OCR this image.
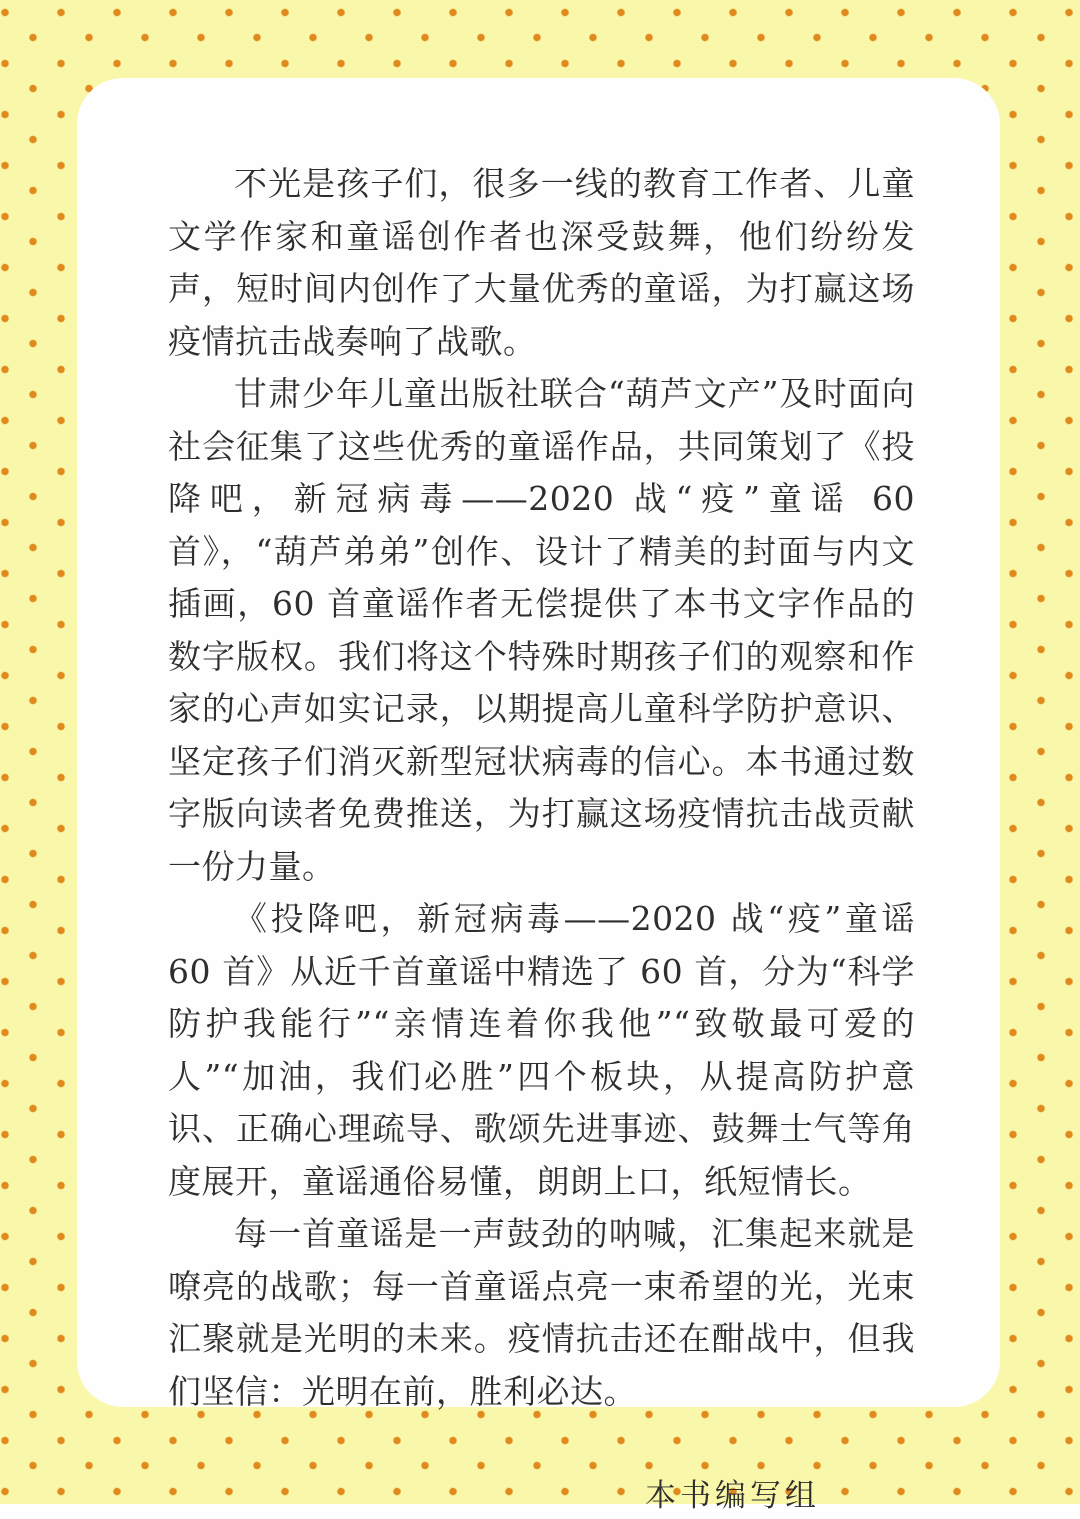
不光是孩子们，很多一线的教育工作者、儿童文学作家和童谣创作者也深受鼓舞，他们纷纷发声，短时间内创作了大量优秀的童谣，为打赢这场疫情抗击战奏响了战歌。

甘肃少年儿童出版社联合“葫芦文产”及时面向社会征集了这些优秀的童谣作品，共同策划了《投降吧，新冠病毒——2020 战“疫”童谣 60 首》，“葫芦弟弟”创作、设计了精美的封面与内文插画，60 首童谣作者无偿提供了本书文字作品的数字版权。我们将这个特殊时期孩子们的观察和作家的心声如实记录，以期提高儿童科学防护意识、坚定孩子们消灭新型冠状病毒的信心。本书通过数字版向读者免费推送，为打赢这场疫情抗击战贡献一份力量。

《投降吧，新冠病毒——2020 战“疫”童谣 60 首》从近千首童谣中精选了 60 首，分为“科学防护我能行”“亲情连着你我他”“致敬最可爱的人”“加油，我们必胜”四个板块，从提高防护意识、正确心理疏导、歌颂先进事迹、鼓舞士气等角度展开，童谣通俗易懂，朗朗上口，纸短情长。

每一首童谣是一声鼓劲的呐喊，汇集起来就是嘹亮的战歌；每一首童谣点亮一束希望的光，光束汇聚就是光明的未来。疫情抗击还在酣战中，但我们坚信：光明在前，胜利必达。

本书编写组
